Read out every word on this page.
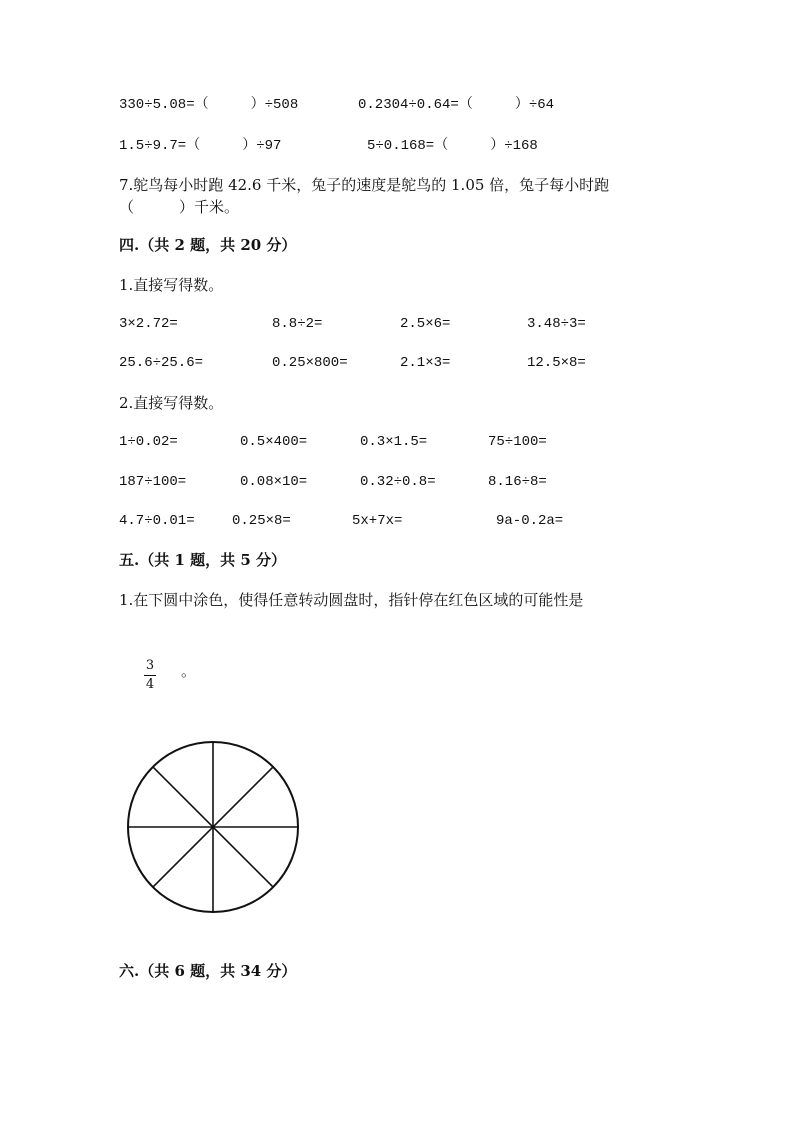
330÷5.08=（　　　）÷508	0.2304÷0.64=（　　　）÷64
1.5÷9.7=（　　　）÷97	5÷0.168=（　　　）÷168
7.鸵鸟每小时跑 42.6 千米，兔子的速度是鸵鸟的 1.05 倍，兔子每小时跑
（　　　）千米。
四.（共 2 题，共 20 分）
1.直接写得数。
3×2.72=	8.8÷2=	2.5×6=	3.48÷3=
25.6÷25.6=	0.25×800=	2.1×3=	12.5×8=
2.直接写得数。
1÷0.02=	0.5×400=	0.3×1.5=	75÷100=
187÷100=	0.08×10=	0.32÷0.8=	8.16÷8=
4.7÷0.01=	0.25×8=	5x+7x=	9a-0.2a=
五.（共 1 题，共 5 分）
1.在下圆中涂色，使得任意转动圆盘时，指针停在红色区域的可能性是
3
4
。
六.（共 6 题，共 34 分）
